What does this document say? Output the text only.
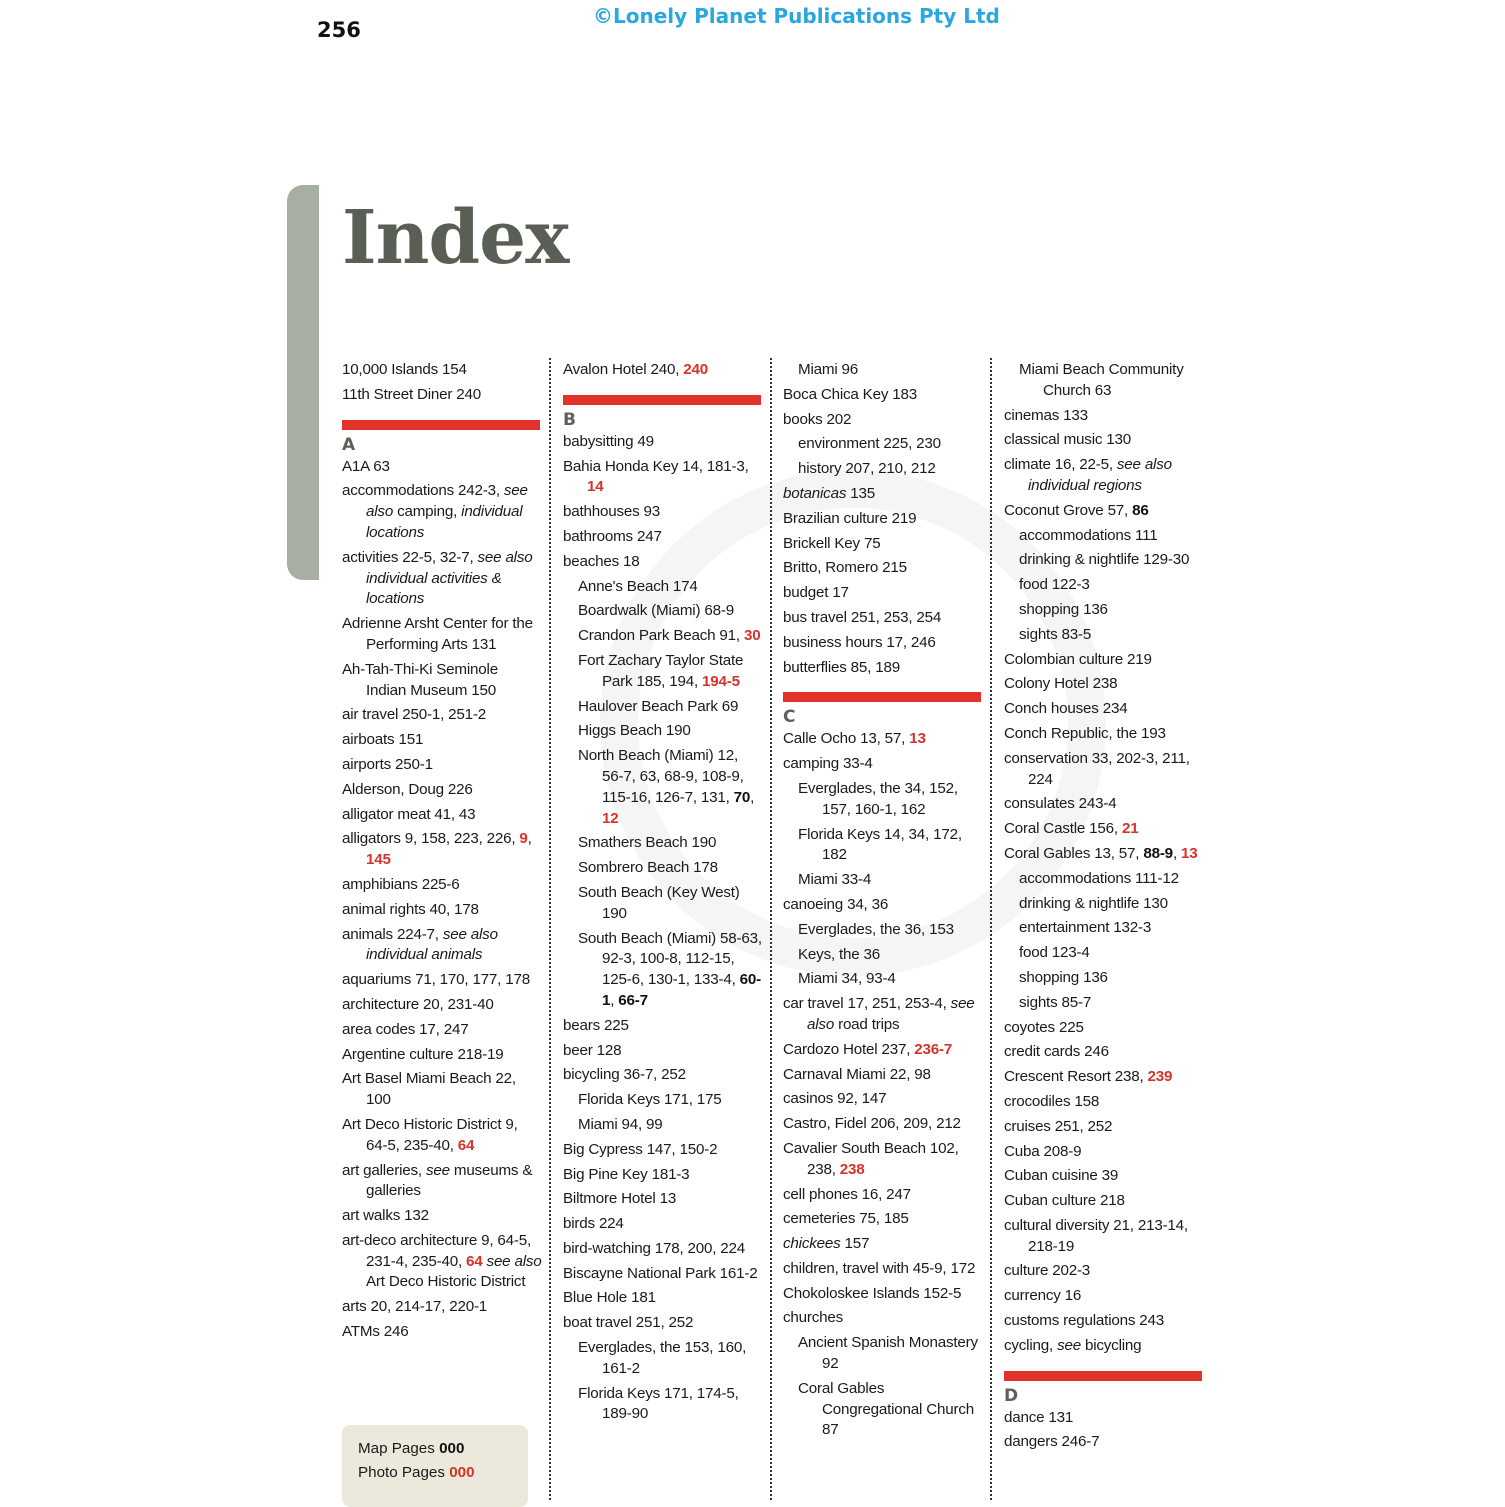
256
©Lonely Planet Publications Pty Ltd
Index
10,000 Islands 154
11th Street Diner 240
A
A1A 63
accommodations 242-3, see also camping, individual locations
activities 22-5, 32-7, see also individual activities & locations
Adrienne Arsht Center for the Performing Arts 131
Ah-Tah-Thi-Ki Seminole Indian Museum 150
air travel 250-1, 251-2
airboats 151
airports 250-1
Alderson, Doug 226
alligator meat 41, 43
alligators 9, 158, 223, 226, 9, 145
amphibians 225-6
animal rights 40, 178
animals 224-7, see also individual animals
aquariums 71, 170, 177, 178
architecture 20, 231-40
area codes 17, 247
Argentine culture 218-19
Art Basel Miami Beach 22, 100
Art Deco Historic District 9, 64-5, 235-40, 64
art galleries, see museums & galleries
art walks 132
art-deco architecture 9, 64-5, 231-4, 235-40, 64 see also Art Deco Historic District
arts 20, 214-17, 220-1
ATMs 246
Avalon Hotel 240, 240
B
babysitting 49
Bahia Honda Key 14, 181-3, 14
bathhouses 93
bathrooms 247
beaches 18
Anne's Beach 174
Boardwalk (Miami) 68-9
Crandon Park Beach 91, 30
Fort Zachary Taylor State Park 185, 194, 194-5
Haulover Beach Park 69
Higgs Beach 190
North Beach (Miami) 12, 56-7, 63, 68-9, 108-9, 115-16, 126-7, 131, 70, 12
Smathers Beach 190
Sombrero Beach 178
South Beach (Key West) 190
South Beach (Miami) 58-63, 92-3, 100-8, 112-15, 125-6, 130-1, 133-4, 60-1, 66-7
bears 225
beer 128
bicycling 36-7, 252
Florida Keys 171, 175
Miami 94, 99
Big Cypress 147, 150-2
Big Pine Key 181-3
Biltmore Hotel 13
birds 224
bird-watching 178, 200, 224
Biscayne National Park 161-2
Blue Hole 181
boat travel 251, 252
Everglades, the 153, 160, 161-2
Florida Keys 171, 174-5, 189-90
Miami 96
Boca Chica Key 183
books 202
environment 225, 230
history 207, 210, 212
botanicas 135
Brazilian culture 219
Brickell Key 75
Britto, Romero 215
budget 17
bus travel 251, 253, 254
business hours 17, 246
butterflies 85, 189
C
Calle Ocho 13, 57, 13
camping 33-4
Everglades, the 34, 152, 157, 160-1, 162
Florida Keys 14, 34, 172, 182
Miami 33-4
canoeing 34, 36
Everglades, the 36, 153
Keys, the 36
Miami 34, 93-4
car travel 17, 251, 253-4, see also road trips
Cardozo Hotel 237, 236-7
Carnaval Miami 22, 98
casinos 92, 147
Castro, Fidel 206, 209, 212
Cavalier South Beach 102, 238, 238
cell phones 16, 247
cemeteries 75, 185
chickees 157
children, travel with 45-9, 172
Chokoloskee Islands 152-5
churches
Ancient Spanish Monastery 92
Coral Gables Congregational Church 87
Miami Beach Community Church 63
cinemas 133
classical music 130
climate 16, 22-5, see also individual regions
Coconut Grove 57, 86
accommodations 111
drinking & nightlife 129-30
food 122-3
shopping 136
sights 83-5
Colombian culture 219
Colony Hotel 238
Conch houses 234
Conch Republic, the 193
conservation 33, 202-3, 211, 224
consulates 243-4
Coral Castle 156, 21
Coral Gables 13, 57, 88-9, 13
accommodations 111-12
drinking & nightlife 130
entertainment 132-3
food 123-4
shopping 136
sights 85-7
coyotes 225
credit cards 246
Crescent Resort 238, 239
crocodiles 158
cruises 251, 252
Cuba 208-9
Cuban cuisine 39
Cuban culture 218
cultural diversity 21, 213-14, 218-19
culture 202-3
currency 16
customs regulations 243
cycling, see bicycling
D
dance 131
dangers 246-7
Map Pages 000
Photo Pages 000
